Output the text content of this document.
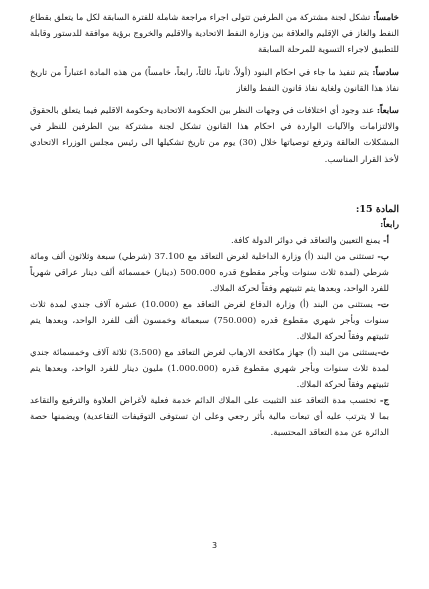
خامساً: تشكل لجنة مشتركة من الطرفين تتولى اجراء مراجعة شاملة للفترة السابقة لكل ما يتعلق بقطاع النفط والغاز في الإقليم والعلاقة بين وزارة النفط الاتحادية والاقليم والخروج برؤية موافقة للدستور وقابلة للتطبيق لاجراء التسوية للمرحلة السابقة

سادساً: يتم تنفيذ ما جاء في احكام البنود (أولاً، ثانياً، ثالثاً، رابعاً، خامساً) من هذه المادة اعتباراً من تاريخ نفاذ هذا القانون ولغاية نفاذ قانون النفط والغاز

سابعاً: عند وجود أي اختلافات في وجهات النظر بين الحكومة الاتحادية وحكومة الاقليم فيما يتعلق بالحقوق والالتزامات والآليات الواردة في احكام هذا القانون تشكل لجنة مشتركة بين الطرفين للنظر في المشكلات العالقة وترفع توصياتها خلال (30) يوم من تاريخ تشكيلها الى رئيس مجلس الوزراء الاتحادي لأخذ القرار المناسب.

المادة 15:

رابعاً:

أ- يمنع التعيين والتعاقد في دوائر الدولة كافة.

ب- تستثنى من البند (أ) وزارة الداخلية لغرض التعاقد مع 37.100 (شرطي) سبعة وثلاثون ألف ومائة شرطي (لمدة ثلاث سنوات وبأجر مقطوع قدره 500.000 (دينار) خمسمائة ألف دينار عراقي شهرياً للفرد الواحد، وبعدها يتم تثبيتهم وفقاً لحركة الملاك.

ت- يستثنى من البند (أ) وزارة الدفاع لغرض التعاقد مع (10.000) عشرة آلاف جندي لمدة ثلاث سنوات وبأجر شهري مقطوع قدره (750.000) سبعمائة وخمسون ألف للفرد الواحد، وبعدها يتم تثبيتهم وفقاً لحركة الملاك.

ث-يستثنى من البند (أ) جهاز مكافحة الارهاب لغرض التعاقد مع (3،500) ثلاثة آلاف وخمسمائة جندي لمدة ثلاث سنوات وبأجر شهري مقطوع قدره (1.000.000) مليون دينار للفرد الواحد، وبعدها يتم تثبيتهم وفقاً لحركة الملاك.

ج- تحتسب مدة التعاقد عند التثبيت على الملاك الدائم خدمة فعلية لأغراض العلاوة والترفيع والتقاعد بما لا يترتب عليه أي تبعات مالية بأثر رجعي وعلى ان تستوفى التوقيفات التقاعدية) ويضمنها حصة الدائرة عن مدة التعاقد المحتسبة.

3
